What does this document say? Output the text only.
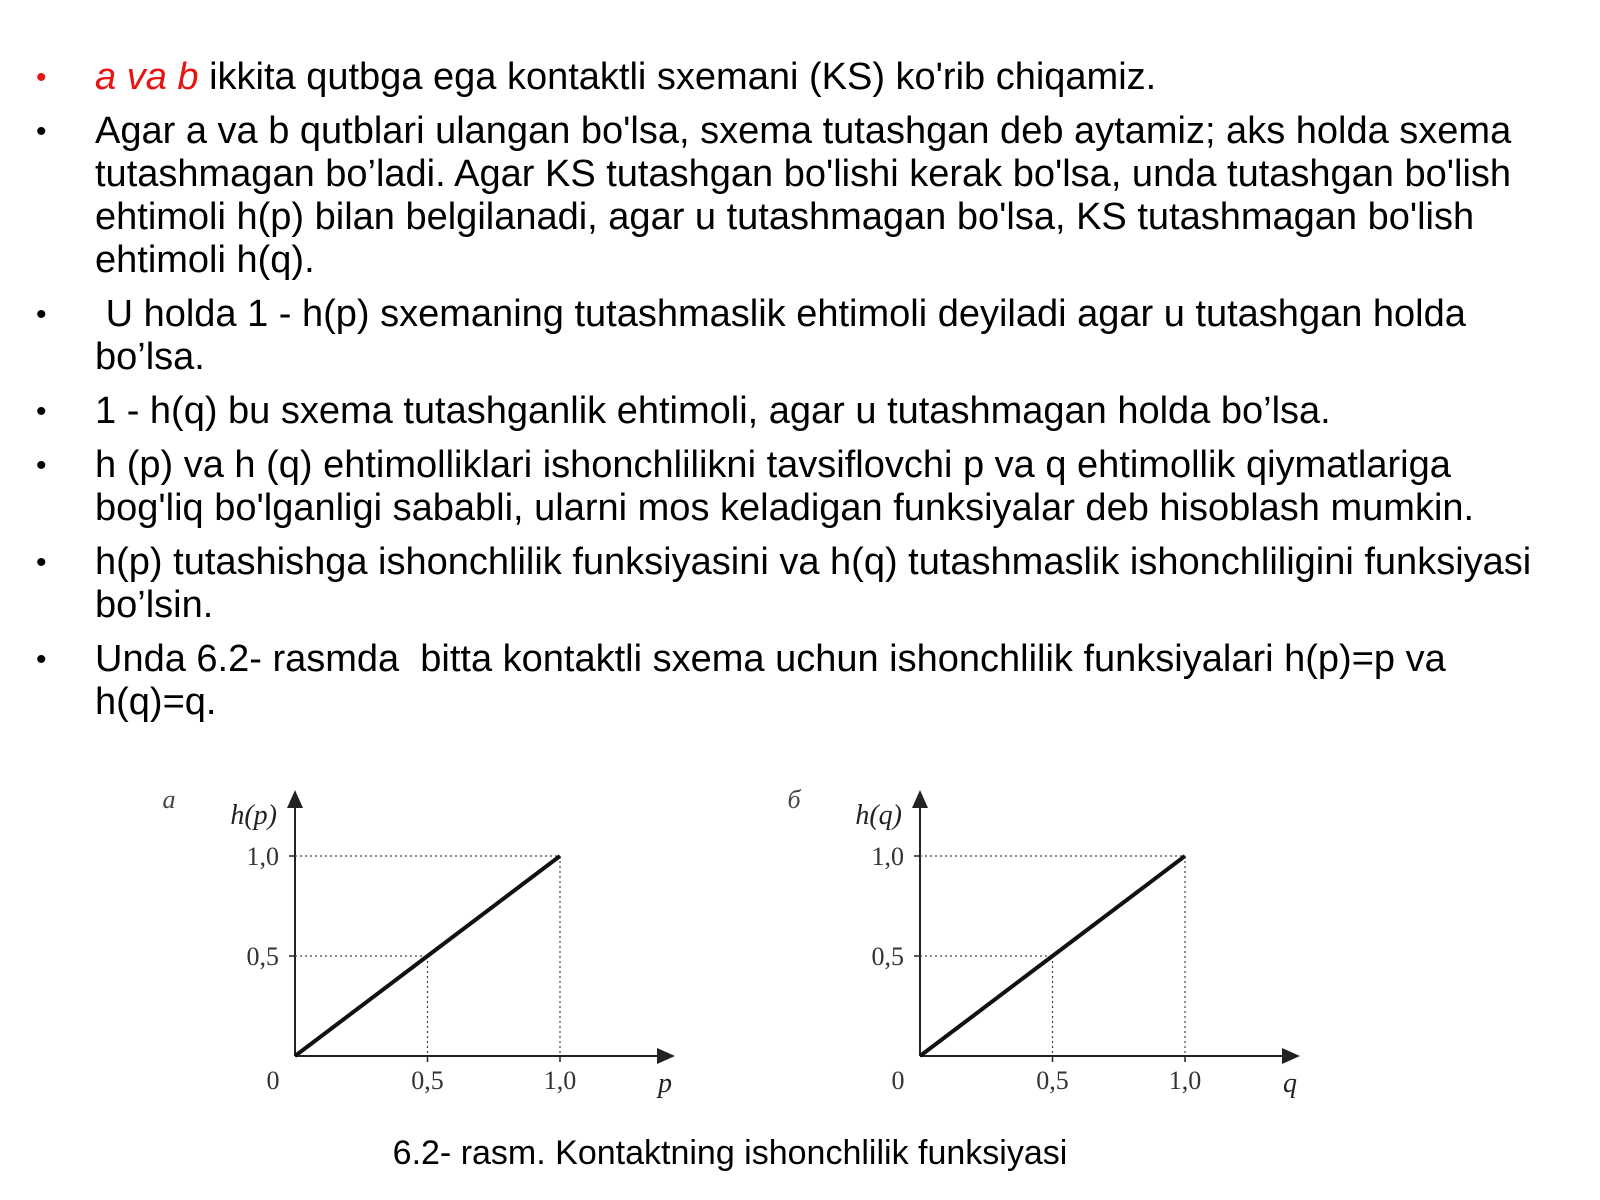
• a va b ikkita qutbga ega kontaktli sxemani (KS) ko'rib chiqamiz.
• Agar a va b qutblari ulangan bo'lsa, sxema tutashgan deb aytamiz; aks holda sxema tutashmagan bo’ladi. Agar KS tutashgan bo'lishi kerak bo'lsa, unda tutashgan bo'lish ehtimoli h(p) bilan belgilanadi, agar u tutashmagan bo'lsa, KS tutashmagan bo'lish ehtimoli h(q).
• U holda 1 - h(p) sxemaning tutashmaslik ehtimoli deyiladi agar u tutashgan holda bo’lsa.
• 1 - h(q) bu sxema tutashganlik ehtimoli, agar u tutashmagan holda bo’lsa.
• h (p) va h (q) ehtimolliklari ishonchlilikni tavsiflovchi p va q ehtimollik qiymatlariga bog'liq bo'lganligi sababli, ularni mos keladigan funksiyalar deb hisoblash mumkin.
• h(p) tutashishga ishonchlilik funksiyasini va h(q) tutashmaslik ishonchliligini funksiyasi bo’lsin.
• Unda 6.2- rasmda  bitta kontaktli sxema uchun ishonchlilik funksiyalari h(p)=p va h(q)=q.
0,5
1,0
0,5	1,0
0
h(p)
p
a
0,5
1,0
0,5	1,0
0
h(q)
q
б
6.2- rasm. Kontaktning ishonchlilik funksiyasi
